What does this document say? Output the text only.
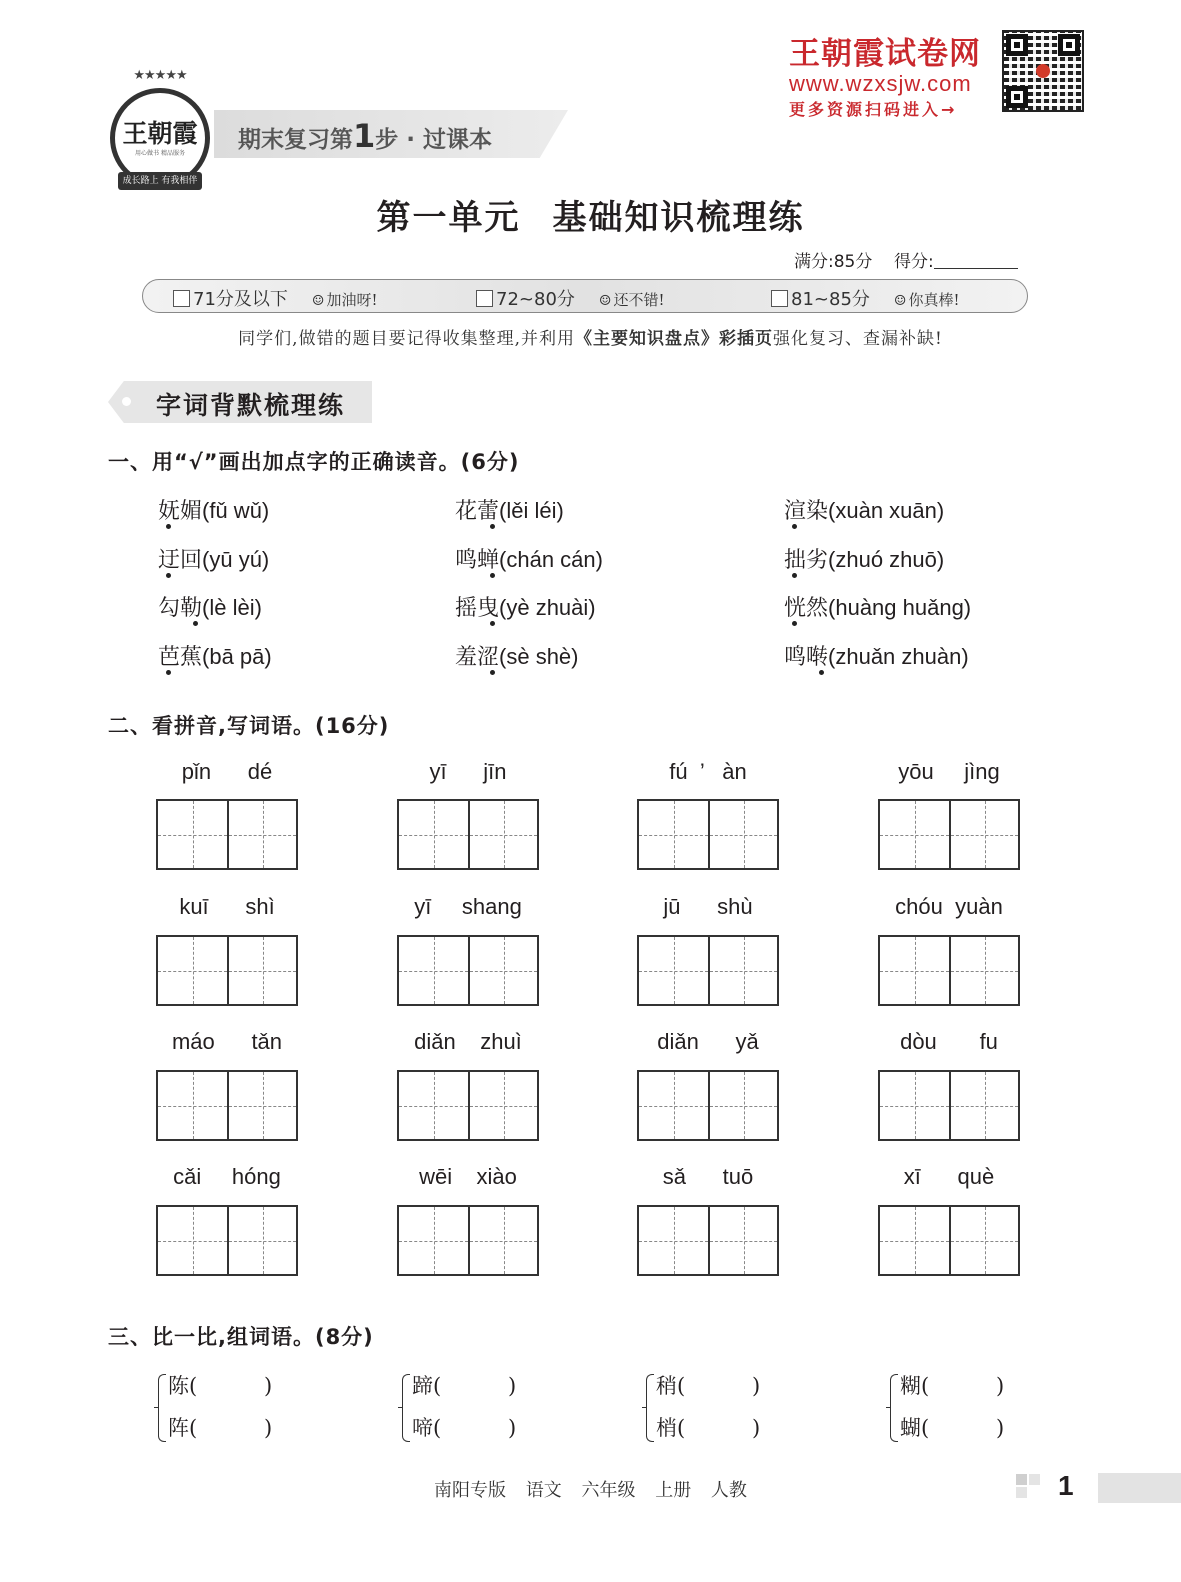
★★★★★
王朝霞
用心做书 精品服务
成长路上 有我相伴
期末复习第1步 · 过课本
王朝霞试卷网
www.wzxsjw.com
更多资源扫码进入→
第一单元 基础知识梳理练
满分:85分 得分:
71分及以下 ☺ 加油呀!	72~80分 ☺ 还不错!	81~85分 ☺ 你真棒!
同学们,做错的题目要记得收集整理,并利用《主要知识盘点》彩插页强化复习、查漏补缺!
字词背默梳理练
一、用“√”画出加点字的正确读音。(6分)
妩媚(fǔ wǔ)	花蕾(lěi léi)	渲染(xuàn xuān)
迂回(yū yú)	鸣蝉(chán cán)	拙劣(zhuó zhuō)
勾勒(lè lèi)	摇曳(yè zhuài)	恍然(huàng huǎng)
芭蕉(bā pā)	羞涩(sè shè)	鸣啭(zhuǎn zhuàn)
二、看拼音,写词语。(16分)
pǐn      dé	yī      jīn	fú  ’   àn	yōu     jìng
kuī      shì	yī     shang	jū      shù	chóu  yuàn
máo      tǎn	diǎn    zhuì	diǎn      yǎ	dòu       fu
cǎi     hóng	wēi    xiào	sǎ      tuō	xī      què
三、比一比,组词语。(8分)
陈(          )
阵(          )
蹄(          )
啼(          )
稍(          )
梢(          )
糊(          )
蝴(          )
南阳专版 语文 六年级 上册 人教	1
